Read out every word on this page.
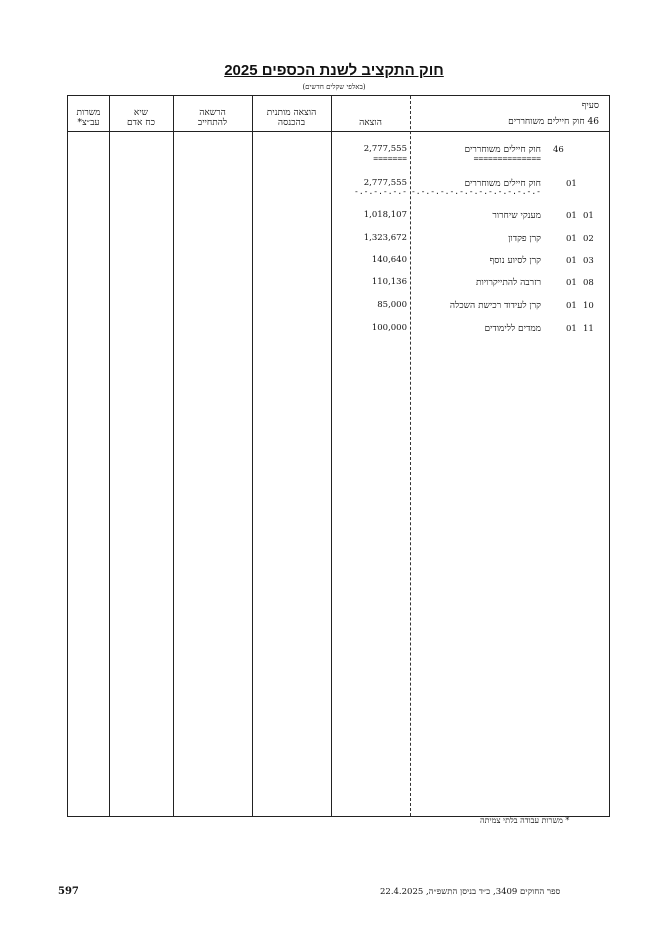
חוק התקציב לשנת הכספים 2025
(באלפי שקלים חדשים)
משרות
עב״צ*
שיא
כח אדם
הרשאה
להתחייב
הוצאה מותנית
בהכנסה	הוצאה
סעיף
46 חוק חיילים משוחררים
46
חוק חיילים משוחררים
==============
2,777,555
=======
01
חוק חיילים משוחררים
-.-.-.-.-.-.-.-.-.-.-.-.-.-
2,777,555
-.-.-.-.-.-
01 01
מענקי שיחרור
1,018,107
01 02
קרן פקדון
1,323,672
01 03
קרן לסיוע נוסף
140,640
01 08
רזרבה להתייקרויות
110,136
01 10
קרן לעידוד רכישת השכלה
85,000
01 11
ממדים ללימודים
100,000
* משרות עבודה בלתי צמיתה
597	ספר החוקים 3409, כ״ד בניסן התשפ״ה, 22.4.2025
